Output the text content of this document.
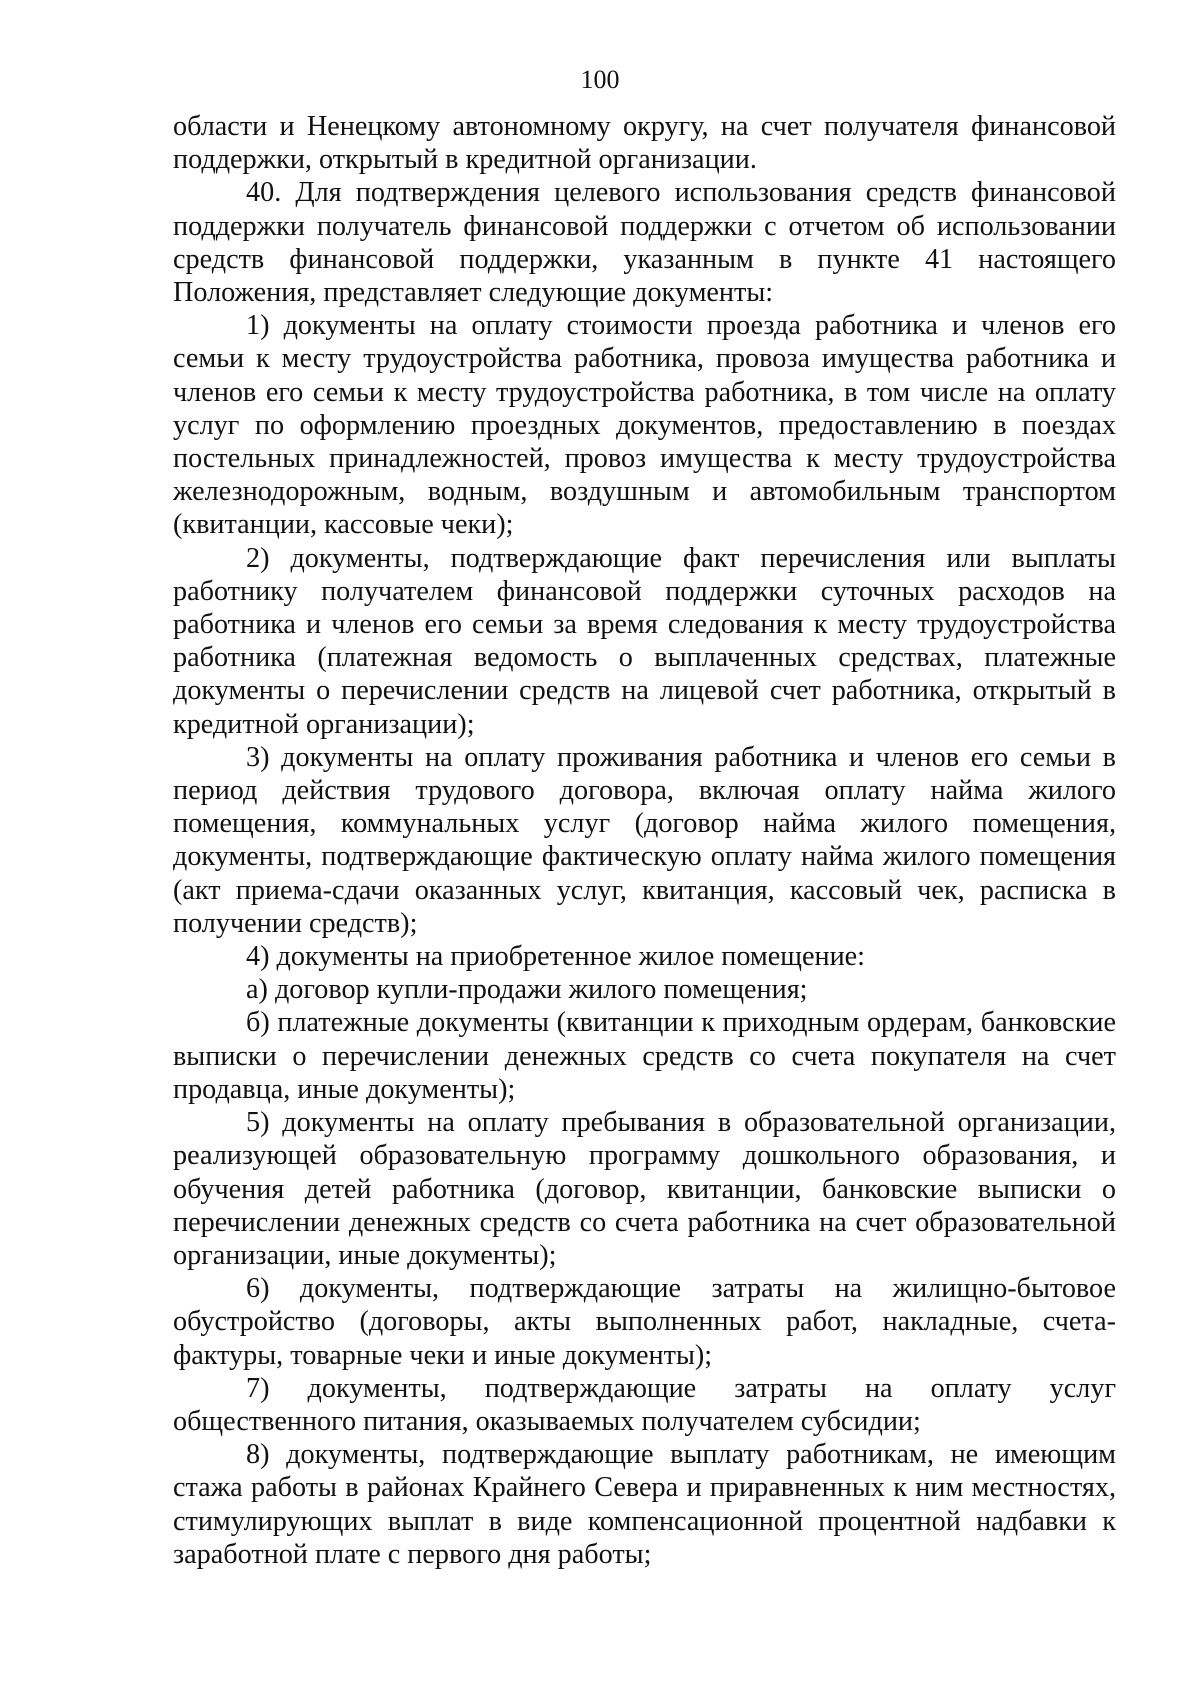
100

области и Ненецкому автономному округу, на счет получателя финансовой поддержки, открытый в кредитной организации.

40. Для подтверждения целевого использования средств финансовой поддержки получатель финансовой поддержки с отчетом об использовании средств финансовой поддержки, указанным в пункте 41 настоящего Положения, представляет следующие документы:

1) документы на оплату стоимости проезда работника и членов его семьи к месту трудоустройства работника, провоза имущества работника и членов его семьи к месту трудоустройства работника, в том числе на оплату услуг по оформлению проездных документов, предоставлению в поездах постельных принадлежностей, провоз имущества к месту трудоустройства железнодорожным, водным, воздушным и автомобильным транспортом (квитанции, кассовые чеки);

2) документы, подтверждающие факт перечисления или выплаты работнику получателем финансовой поддержки суточных расходов на работника и членов его семьи за время следования к месту трудоустройства работника (платежная ведомость о выплаченных средствах, платежные документы о перечислении средств на лицевой счет работника, открытый в кредитной организации);

3) документы на оплату проживания работника и членов его семьи в период действия трудового договора, включая оплату найма жилого помещения, коммунальных услуг (договор найма жилого помещения, документы, подтверждающие фактическую оплату найма жилого помещения (акт приема-сдачи оказанных услуг, квитанция, кассовый чек, расписка в получении средств);

4) документы на приобретенное жилое помещение:

а) договор купли-продажи жилого помещения;

б) платежные документы (квитанции к приходным ордерам, банковские выписки о перечислении денежных средств со счета покупателя на счет продавца, иные документы);

5) документы на оплату пребывания в образовательной организации, реализующей образовательную программу дошкольного образования, и обучения детей работника (договор, квитанции, банковские выписки о перечислении денежных средств со счета работника на счет образовательной организации, иные документы);

6) документы, подтверждающие затраты на жилищно-бытовое обустройство (договоры, акты выполненных работ, накладные, счета-фактуры, товарные чеки и иные документы);

7) документы, подтверждающие затраты на оплату услуг общественного питания, оказываемых получателем субсидии;

8) документы, подтверждающие выплату работникам, не имеющим стажа работы в районах Крайнего Севера и приравненных к ним местностях, стимулирующих выплат в виде компенсационной процентной надбавки к заработной плате с первого дня работы;
